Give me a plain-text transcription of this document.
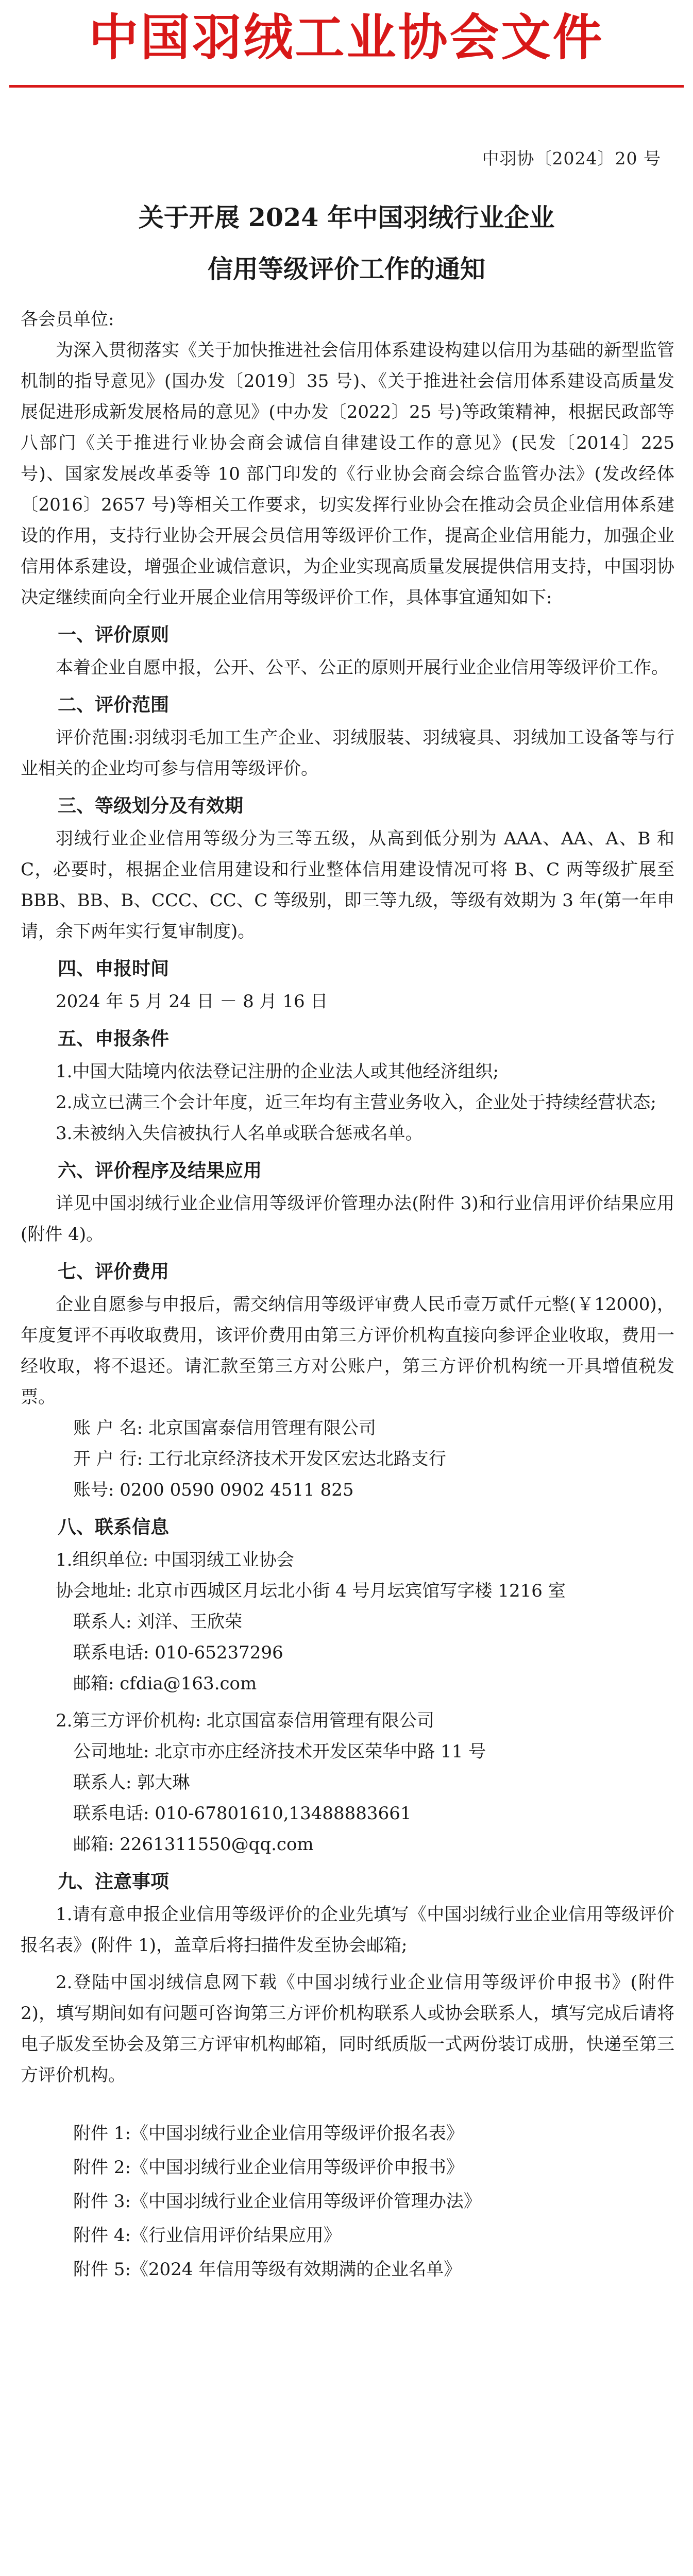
中国羽绒工业协会文件
中羽协〔2024〕20 号
关于开展 2024 年中国羽绒行业企业
信用等级评价工作的通知

各会员单位:

为深入贯彻落实《关于加快推进社会信用体系建设构建以信用为基础的新型监管机制的指导意见》(国办发〔2019〕35 号)、《关于推进社会信用体系建设高质量发展促进形成新发展格局的意见》(中办发〔2022〕25 号)等政策精神，根据民政部等八部门《关于推进行业协会商会诚信自律建设工作的意见》(民发〔2014〕225 号)、国家发展改革委等 10 部门印发的《行业协会商会综合监管办法》(发改经体〔2016〕2657 号)等相关工作要求，切实发挥行业协会在推动会员企业信用体系建设的作用，支持行业协会开展会员信用等级评价工作，提高企业信用能力，加强企业信用体系建设，增强企业诚信意识，为企业实现高质量发展提供信用支持，中国羽协决定继续面向全行业开展企业信用等级评价工作，具体事宜通知如下:

一、评价原则

本着企业自愿申报，公开、公平、公正的原则开展行业企业信用等级评价工作。

二、评价范围

评价范围:羽绒羽毛加工生产企业、羽绒服装、羽绒寝具、羽绒加工设备等与行业相关的企业均可参与信用等级评价。

三、等级划分及有效期

羽绒行业企业信用等级分为三等五级，从高到低分别为 AAA、AA、A、B 和 C，必要时，根据企业信用建设和行业整体信用建设情况可将 B、C 两等级扩展至 BBB、BB、B、CCC、CC、C 等级别，即三等九级，等级有效期为 3 年(第一年申请，余下两年实行复审制度)。

四、申报时间

2024 年 5 月 24 日 － 8 月 16 日

五、申报条件

1.中国大陆境内依法登记注册的企业法人或其他经济组织;

2.成立已满三个会计年度，近三年均有主营业务收入，企业处于持续经营状态;

3.未被纳入失信被执行人名单或联合惩戒名单。

六、评价程序及结果应用

详见中国羽绒行业企业信用等级评价管理办法(附件 3)和行业信用评价结果应用(附件 4)。

七、评价费用

企业自愿参与申报后，需交纳信用等级评审费人民币壹万贰仟元整(￥12000)，年度复评不再收取费用，该评价费用由第三方评价机构直接向参评企业收取，费用一经收取，将不退还。请汇款至第三方对公账户，第三方评价机构统一开具增值税发票。

账 户 名: 北京国富泰信用管理有限公司

开 户 行: 工行北京经济技术开发区宏达北路支行

账号: 0200 0590 0902 4511 825

八、联系信息

1.组织单位: 中国羽绒工业协会

协会地址: 北京市西城区月坛北小街 4 号月坛宾馆写字楼 1216 室

联系人: 刘洋、王欣荣

联系电话: 010-65237296

邮箱: cfdia@163.com

2.第三方评价机构: 北京国富泰信用管理有限公司

公司地址: 北京市亦庄经济技术开发区荣华中路 11 号

联系人: 郭大琳

联系电话: 010-67801610,13488883661

邮箱: 2261311550@qq.com

九、注意事项

1.请有意申报企业信用等级评价的企业先填写《中国羽绒行业企业信用等级评价报名表》(附件 1)，盖章后将扫描件发至协会邮箱;

2.登陆中国羽绒信息网下载《中国羽绒行业企业信用等级评价申报书》(附件 2)，填写期间如有问题可咨询第三方评价机构联系人或协会联系人，填写完成后请将电子版发至协会及第三方评审机构邮箱，同时纸质版一式两份装订成册，快递至第三方评价机构。

附件 1:《中国羽绒行业企业信用等级评价报名表》

附件 2:《中国羽绒行业企业信用等级评价申报书》

附件 3:《中国羽绒行业企业信用等级评价管理办法》

附件 4:《行业信用评价结果应用》

附件 5:《2024 年信用等级有效期满的企业名单》
